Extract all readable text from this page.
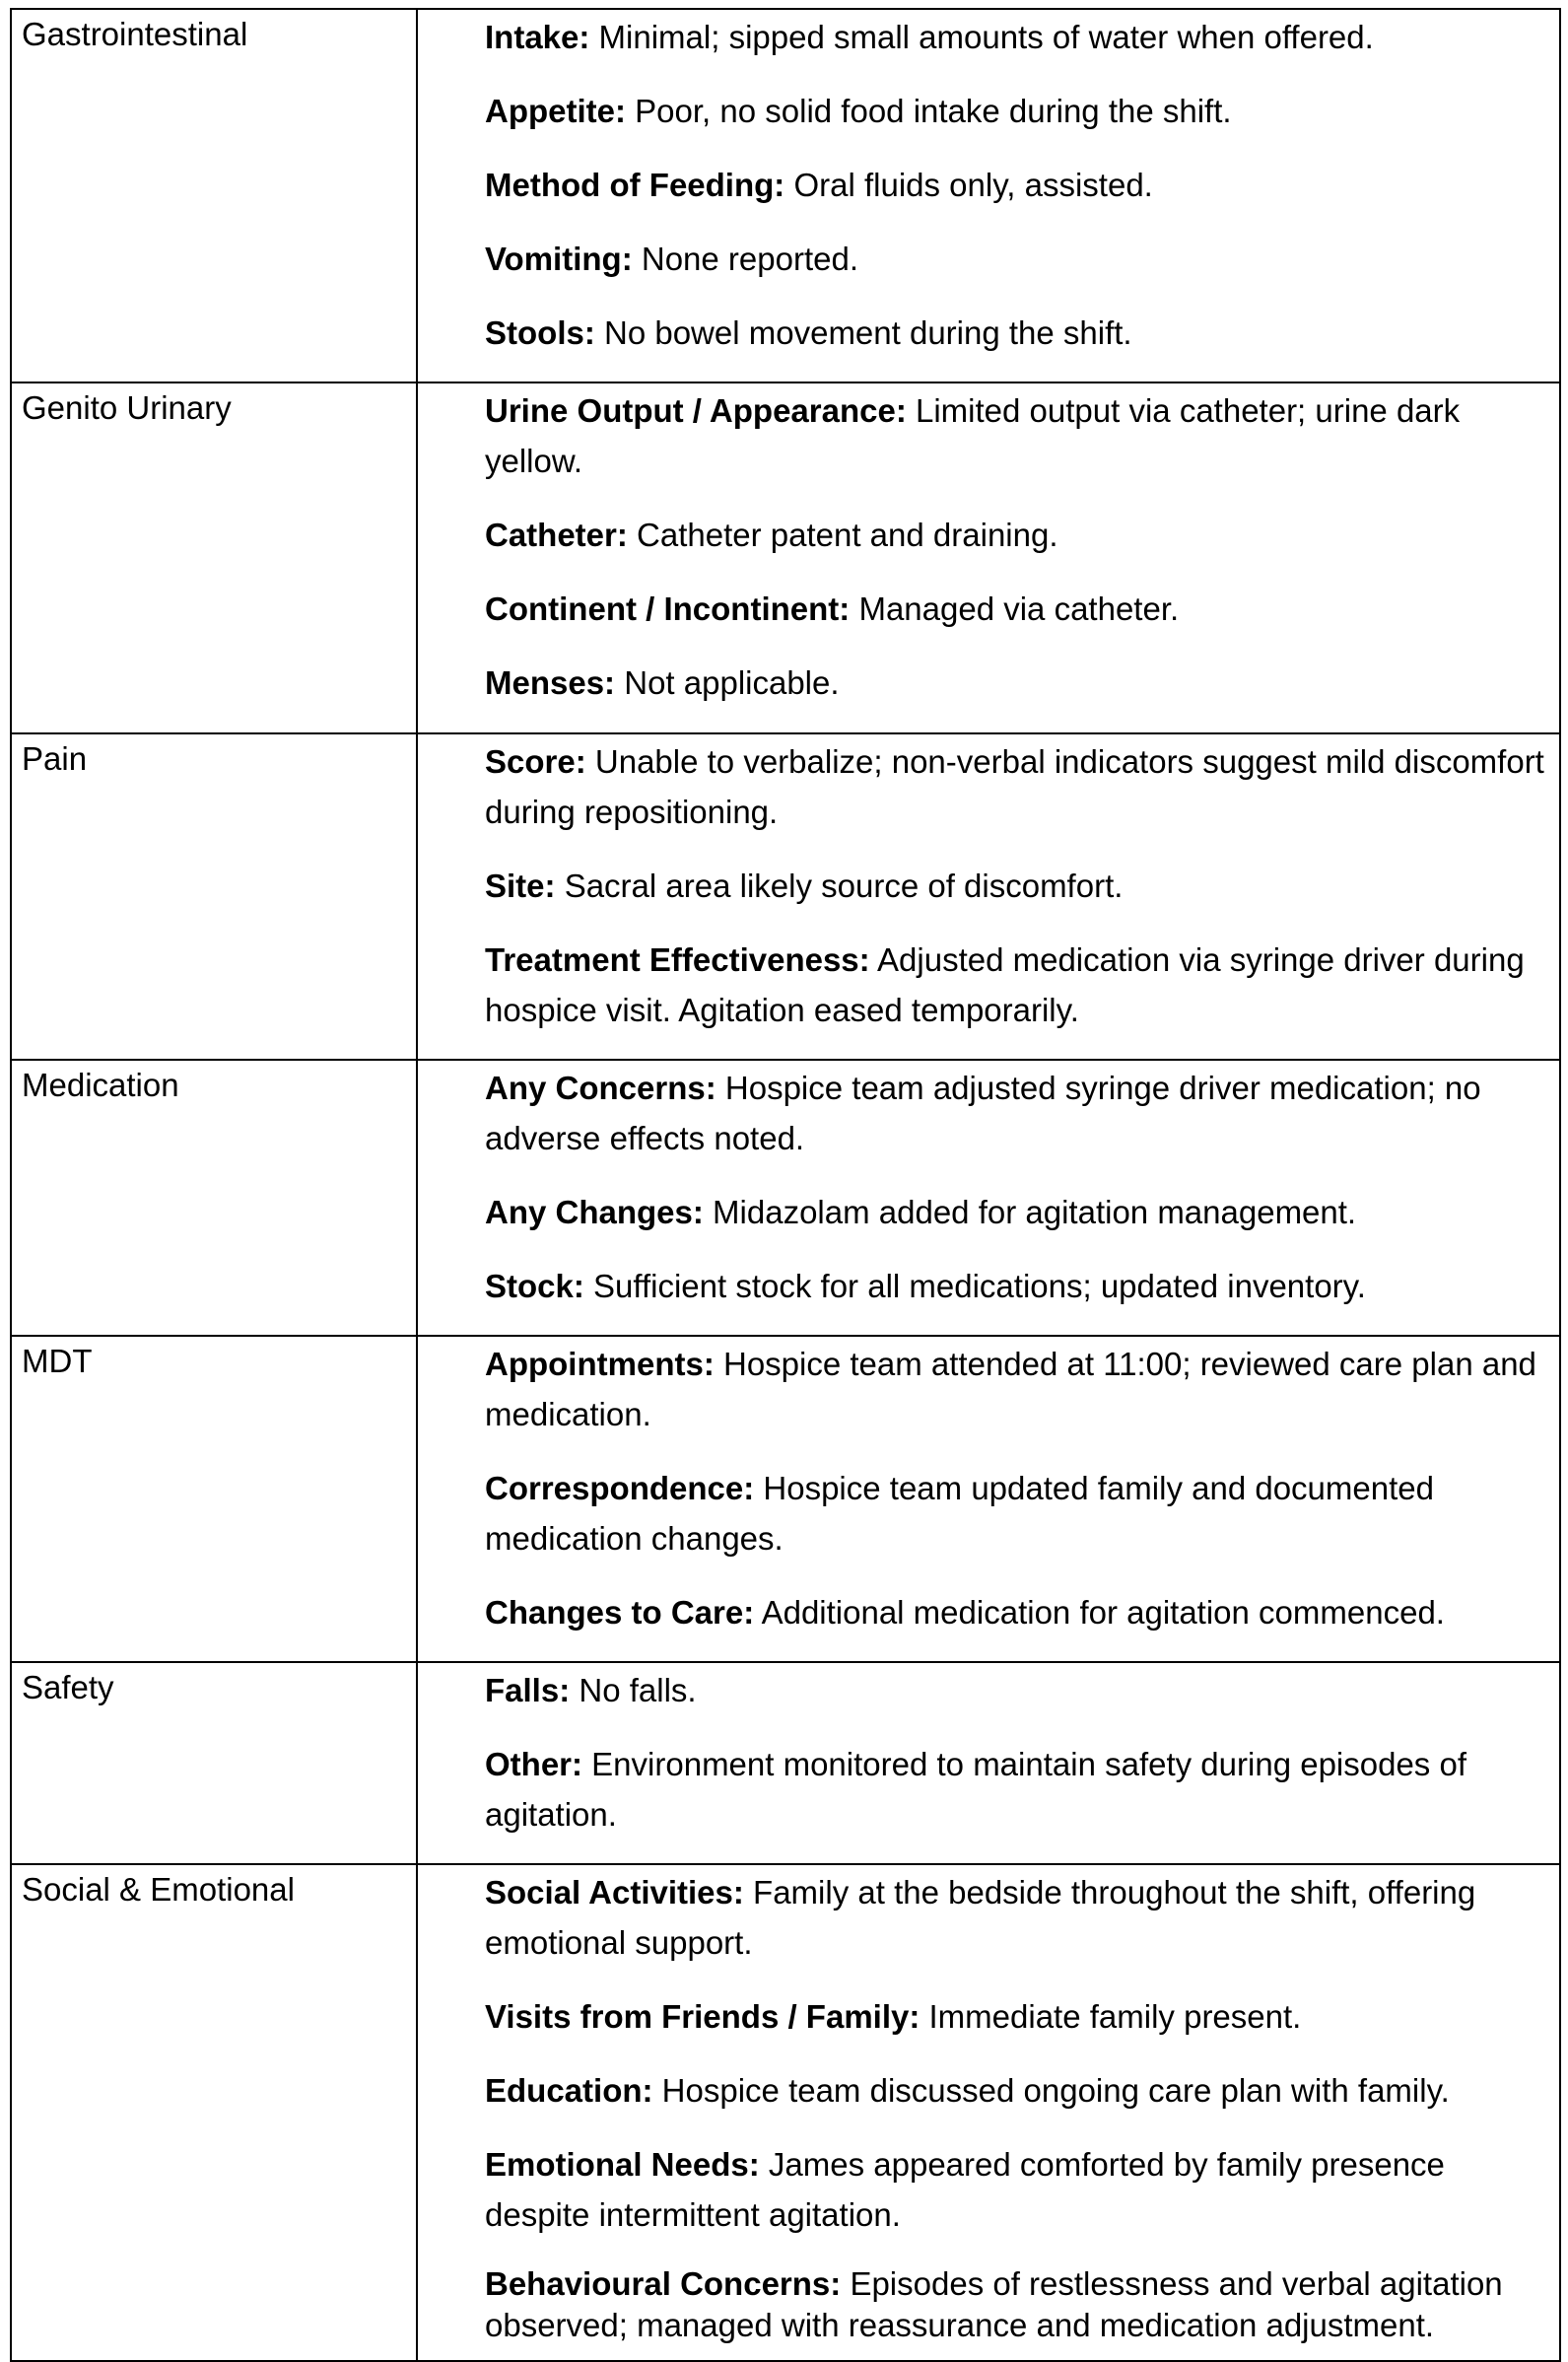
Gastrointestinal	Intake: Minimal; sipped small amounts of water when offered.

Appetite: Poor, no solid food intake during the shift.

Method of Feeding: Oral fluids only, assisted.

Vomiting: None reported.

Stools: No bowel movement during the shift.

Genito Urinary	Urine Output / Appearance: Limited output via catheter; urine dark yellow.

Catheter: Catheter patent and draining.

Continent / Incontinent: Managed via catheter.

Menses: Not applicable.

Pain	Score: Unable to verbalize; non-verbal indicators suggest mild discomfort during repositioning.

Site: Sacral area likely source of discomfort.

Treatment Effectiveness: Adjusted medication via syringe driver during hospice visit. Agitation eased temporarily.

Medication	Any Concerns: Hospice team adjusted syringe driver medication; no adverse effects noted.

Any Changes: Midazolam added for agitation management.

Stock: Sufficient stock for all medications; updated inventory.

MDT	Appointments: Hospice team attended at 11:00; reviewed care plan and medication.

Correspondence: Hospice team updated family and documented medication changes.

Changes to Care: Additional medication for agitation commenced.

Safety	Falls: No falls.

Other: Environment monitored to maintain safety during episodes of agitation.

Social & Emotional	Social Activities: Family at the bedside throughout the shift, offering emotional support.

Visits from Friends / Family: Immediate family present.

Education: Hospice team discussed ongoing care plan with family.

Emotional Needs: James appeared comforted by family presence despite intermittent agitation.

Behavioural Concerns: Episodes of restlessness and verbal agitation observed; managed with reassurance and medication adjustment.
